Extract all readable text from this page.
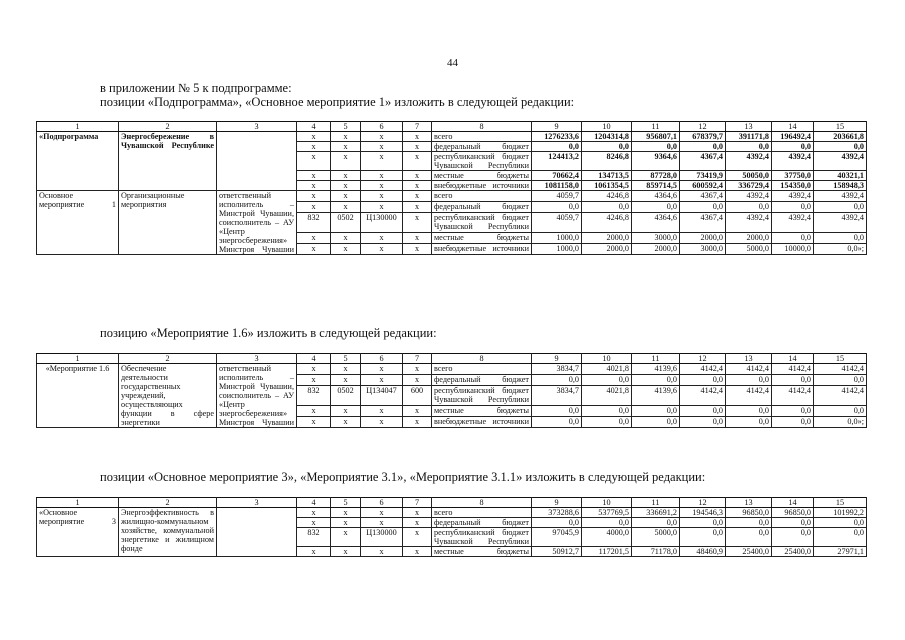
44
в приложении № 5 к подпрограмме:
позиции «Подпрограмма», «Основное мероприятие 1» изложить в следующей редакции:
1	2	3	4	5	6	7	8	9	10	11	12	13	14	15
«Подпрограмма	Энергосбережение в Чувашской Республике		х	х	х	х	всего	1276233,6	1204314,8	956807,1	678379,7	391171,8	196492,4	203661,8
			х	х	х	х	федеральный бюджет	0,0	0,0	0,0	0,0	0,0	0,0	0,0
			х	х	х	х	республиканский бюджет Чувашской Республики	124413,2	8246,8	9364,6	4367,4	4392,4	4392,4	4392,4
			х	х	х	х	местные бюджеты	70662,4	134713,5	87728,0	73419,9	50050,0	37750,0	40321,1
			х	х	х	х	внебюджетные источники	1081158,0	1061354,5	859714,5	600592,4	336729,4	154350,0	158948,3
Основное мероприятие 1	Организационные мероприятия	ответственный исполнитель – Минстрой Чувашии, соисполнитель – АУ «Центр энергосбережения» Минстроя Чувашии	х	х	х	х	всего	4059,7	4246,8	4364,6	4367,4	4392,4	4392,4	4392,4
			х	х	х	х	федеральный бюджет	0,0	0,0	0,0	0,0	0,0	0,0	0,0
			832	0502	Ц130000	х	республиканский бюджет Чувашской Республики	4059,7	4246,8	4364,6	4367,4	4392,4	4392,4	4392,4
			х	х	х	х	местные бюджеты	1000,0	2000,0	3000,0	2000,0	2000,0	0,0	0,0
			х	х	х	х	внебюджетные источники	1000,0	2000,0	2000,0	3000,0	5000,0	10000,0	0,0»;
позицию «Мероприятие 1.6» изложить в следующей редакции:
1	2	3	4	5	6	7	8	9	10	11	12	13	14	15
«Мероприятие 1.6	Обеспечение деятельности государственных учреждений, осуществляющих функции в сфере энергетики	ответственный исполнитель – Минстрой Чувашии, соисполнитель – АУ «Центр энергосбережения» Минстроя Чувашии	х	х	х	х	всего	3834,7	4021,8	4139,6	4142,4	4142,4	4142,4	4142,4
			х	х	х	х	федеральный бюджет	0,0	0,0	0,0	0,0	0,0	0,0	0,0
			832	0502	Ц134047	600	республиканский бюджет Чувашской Республики	3834,7	4021,8	4139,6	4142,4	4142,4	4142,4	4142,4
			х	х	х	х	местные бюджеты	0,0	0,0	0,0	0,0	0,0	0,0	0,0
			х	х	х	х	внебюджетные источники	0,0	0,0	0,0	0,0	0,0	0,0	0,0»;
позиции «Основное мероприятие 3», «Мероприятие 3.1», «Мероприятие 3.1.1» изложить в следующей редакции:
1	2	3	4	5	6	7	8	9	10	11	12	13	14	15
«Основное мероприятие 3	Энергоэффективность в жилищно-коммунальном хозяйстве, коммунальной энергетике и жилищном фонде		х	х	х	х	всего	373288,6	537769,5	336691,2	194546,3	96850,0	96850,0	101992,2
			х	х	х	х	федеральный бюджет	0,0	0,0	0,0	0,0	0,0	0,0	0,0
			832	х	Ц130000	х	республиканский бюджет Чувашской Республики	97045,9	4000,0	5000,0	0,0	0,0	0,0	0,0
			х	х	х	х	местные бюджеты	50912,7	117201,5	71178,0	48460,9	25400,0	25400,0	27971,1
